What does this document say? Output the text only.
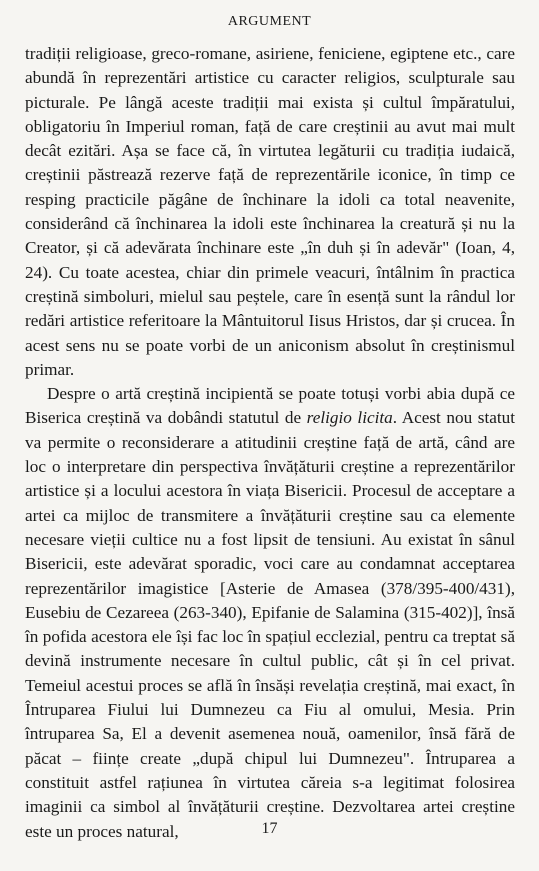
ARGUMENT

tradiții religioase, greco-romane, asiriene, feniciene, egiptene etc., care abundă în reprezentări artistice cu caracter religios, sculpturale sau picturale. Pe lângă aceste tradiții mai exista și cultul împăratului, obligatoriu în Imperiul roman, față de care creștinii au avut mai mult decât ezitări. Așa se face că, în virtutea legăturii cu tradiția iudaică, creștinii păstrează rezerve față de reprezentările iconice, în timp ce resping practicile păgâne de închinare la idoli ca total neavenite, considerând că închinarea la idoli este închinarea la creatură și nu la Creator, și că adevărata închinare este „în duh și în adevăr" (Ioan, 4, 24). Cu toate acestea, chiar din primele veacuri, întâlnim în practica creștină simboluri, mielul sau peștele, care în esență sunt la rândul lor redări artistice referitoare la Mântuitorul Iisus Hristos, dar și crucea. În acest sens nu se poate vorbi de un aniconism absolut în creștinismul primar.

Despre o artă creștină incipientă se poate totuși vorbi abia după ce Biserica creștină va dobândi statutul de religio licita. Acest nou statut va permite o reconsiderare a atitudinii creștine față de artă, când are loc o interpretare din perspectiva învățăturii creștine a reprezentărilor artistice și a locului acestora în viața Bisericii. Procesul de acceptare a artei ca mijloc de transmitere a învățăturii creștine sau ca elemente necesare vieții cultice nu a fost lipsit de tensiuni. Au existat în sânul Bisericii, este adevărat sporadic, voci care au condamnat acceptarea reprezentărilor imagistice [Asterie de Amasea (378/395-400/431), Eusebiu de Cezareea (263-340), Epifanie de Salamina (315-402)], însă în pofida acestora ele își fac loc în spațiul ecclezial, pentru ca treptat să devină instrumente necesare în cultul public, cât și în cel privat. Temeiul acestui proces se află în însăși revelația creștină, mai exact, în Întruparea Fiului lui Dumnezeu ca Fiu al omului, Mesia. Prin întruparea Sa, El a devenit asemenea nouă, oamenilor, însă fără de păcat – ființe create „după chipul lui Dumnezeu". Întruparea a constituit astfel rațiunea în virtutea căreia s-a legitimat folosirea imaginii ca simbol al învățăturii creștine. Dezvoltarea artei creștine este un proces natural,	17
